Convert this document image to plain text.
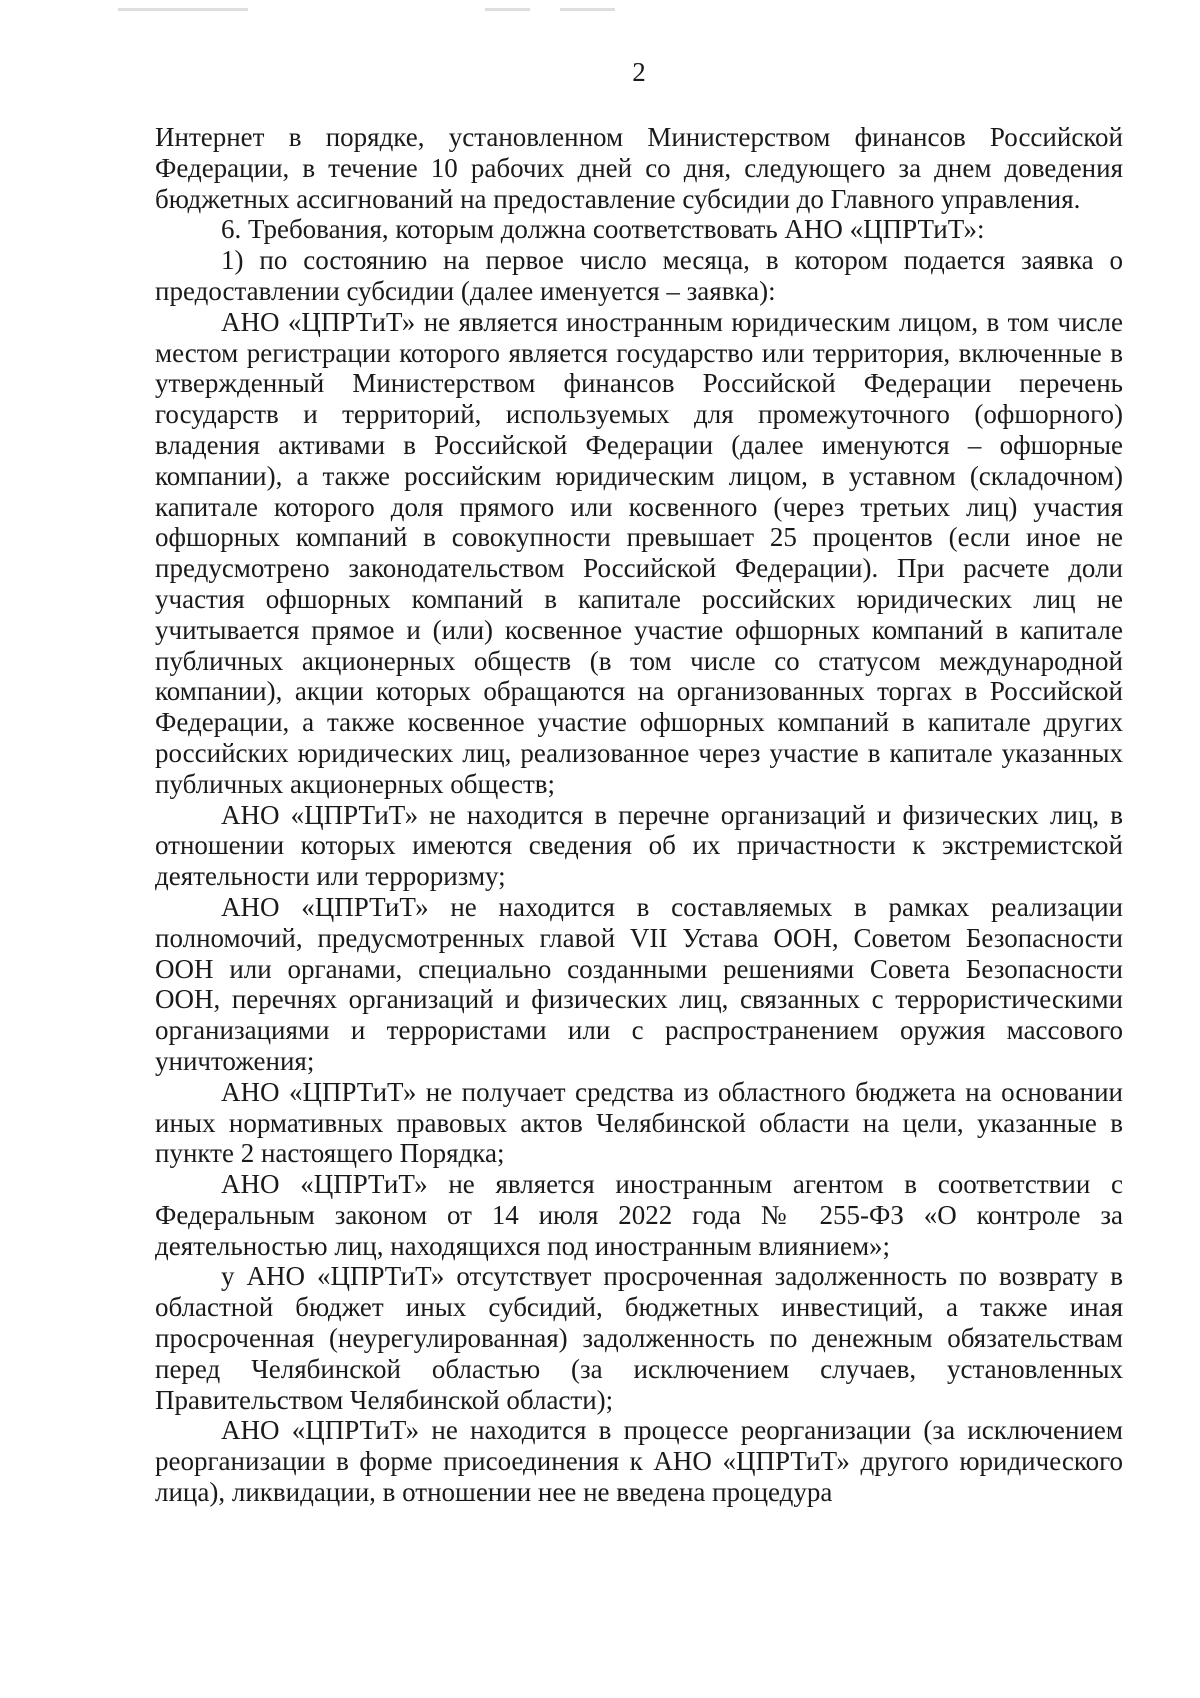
2

Интернет в порядке, установленном Министерством финансов Российской Федерации, в течение 10 рабочих дней со дня, следующего за днем доведения бюджетных ассигнований на предоставление субсидии до Главного управления.

6. Требования, которым должна соответствовать АНО «ЦПРТиТ»:

1) по состоянию на первое число месяца, в котором подается заявка о предоставлении субсидии (далее именуется – заявка):

АНО «ЦПРТиТ» не является иностранным юридическим лицом, в том числе местом регистрации которого является государство или территория, включенные в утвержденный Министерством финансов Российской Федерации перечень государств и территорий, используемых для промежуточного (офшорного) владения активами в Российской Федерации (далее именуются – офшорные компании), а также российским юридическим лицом, в уставном (складочном) капитале которого доля прямого или косвенного (через третьих лиц) участия офшорных компаний в совокупности превышает 25 процентов (если иное не предусмотрено законодательством Российской Федерации). При расчете доли участия офшорных компаний в капитале российских юридических лиц не учитывается прямое и (или) косвенное участие офшорных компаний в капитале публичных акционерных обществ (в том числе со статусом международной компании), акции которых обращаются на организованных торгах в Российской Федерации, а также косвенное участие офшорных компаний в капитале других российских юридических лиц, реализованное через участие в капитале указанных публичных акционерных обществ;

АНО «ЦПРТиТ» не находится в перечне организаций и физических лиц, в отношении которых имеются сведения об их причастности к экстремистской деятельности или терроризму;

АНО «ЦПРТиТ» не находится в составляемых в рамках реализации полномочий, предусмотренных главой VII Устава ООН, Советом Безопасности ООН или органами, специально созданными решениями Совета Безопасности ООН, перечнях организаций и физических лиц, связанных с террористическими организациями и террористами или с распространением оружия массового уничтожения;

АНО «ЦПРТиТ» не получает средства из областного бюджета на основании иных нормативных правовых актов Челябинской области на цели, указанные в пункте 2 настоящего Порядка;

АНО «ЦПРТиТ» не является иностранным агентом в соответствии с Федеральным законом от 14 июля 2022 года № 255-ФЗ «О контроле за деятельностью лиц, находящихся под иностранным влиянием»;

у АНО «ЦПРТиТ» отсутствует просроченная задолженность по возврату в областной бюджет иных субсидий, бюджетных инвестиций, а также иная просроченная (неурегулированная) задолженность по денежным обязательствам перед Челябинской областью (за исключением случаев, установленных Правительством Челябинской области);

АНО «ЦПРТиТ» не находится в процессе реорганизации (за исключением реорганизации в форме присоединения к АНО «ЦПРТиТ» другого юридического лица), ликвидации, в отношении нее не введена процедура
